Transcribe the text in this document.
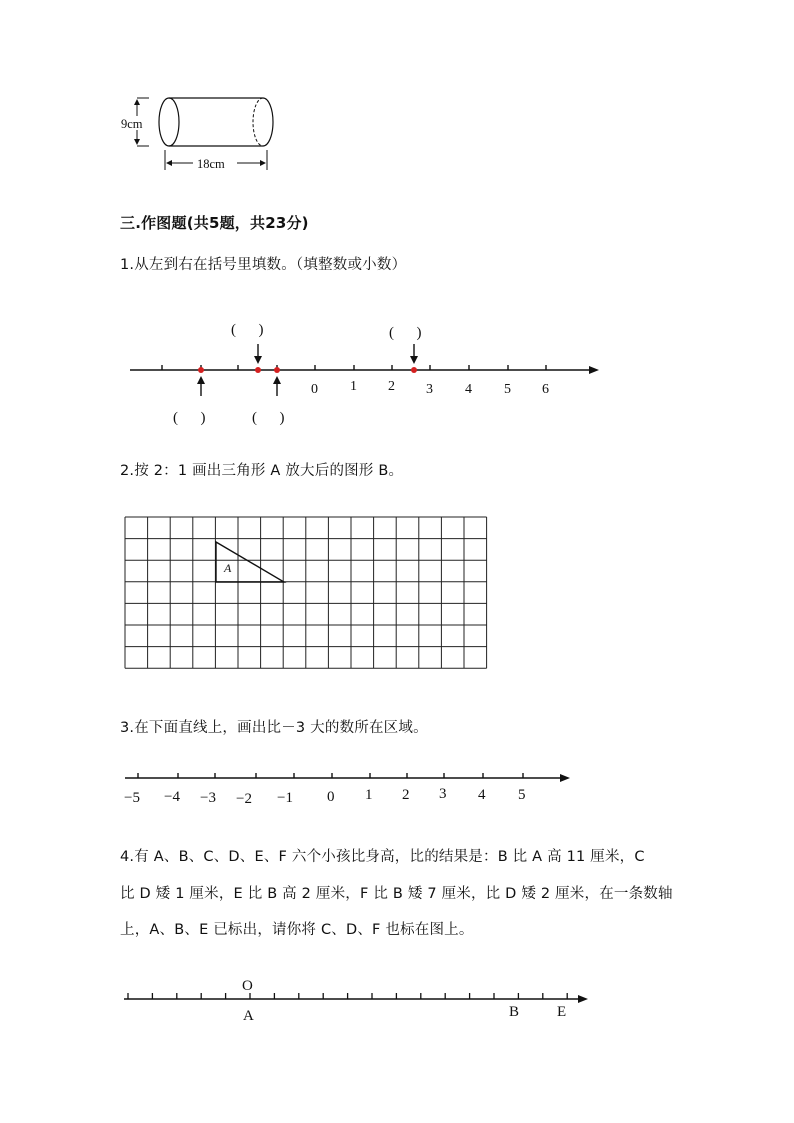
9cm
18cm
三.作图题(共5题，共23分)
1.从左到右在括号里填数。（填整数或小数）
0 1 2 3 4 5 6
(      )	(      )
(      )	(      )
2.按 2：1 画出三角形 A 放大后的图形 B。
A
3.在下面直线上，画出比－3 大的数所在区域。
−5 −4 −3 −2 −1 0 1 2 3 4 5
4.有 A、B、C、D、E、F 六个小孩比身高，比的结果是：B 比 A 高 11 厘米，C
比 D 矮 1 厘米，E 比 B 高 2 厘米，F 比 B 矮 7 厘米，比 D 矮 2 厘米，在一条数轴
上，A、B、E 已标出，请你将 C、D、F 也标在图上。
O
A	B	E
